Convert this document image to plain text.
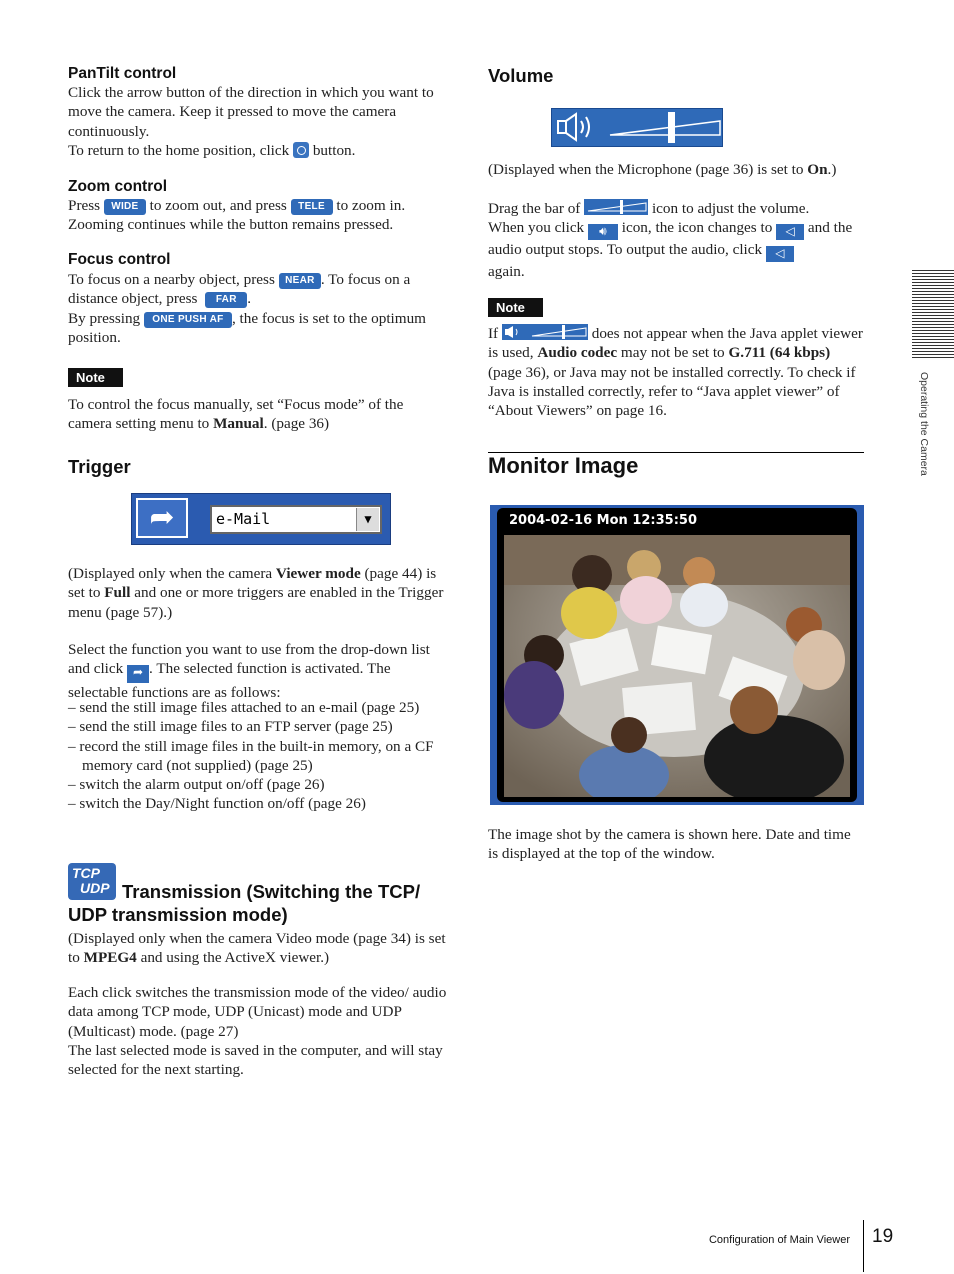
PanTilt control

Click the arrow button of the direction in which you want to move the camera. Keep it pressed to move the camera continuously.
To return to the home position, click button.

Zoom control

Press WIDE to zoom out, and press TELE to zoom in. Zooming continues while the button remains pressed.

Focus control

To focus on a nearby object, press NEAR . To focus on a distance object, press FAR .
By pressing ONE PUSH AF , the focus is set to the optimum position.

Note

To control the focus manually, set “Focus mode” of the camera setting menu to Manual. (page 36)

Trigger

➦	e-Mail	▼

(Displayed only when the camera Viewer mode (page 44) is set to Full and one or more triggers are enabled in the Trigger menu (page 57).)

Select the function you want to use from the drop-down list and click ➦ . The selected function is activated. The selectable functions are as follows:

– send the still image files attached to an e-mail (page 25)

– send the still image files to an FTP server (page 25)

– record the still image files in the built-in memory, on a CF memory card (not supplied) (page 25)

– switch the alarm output on/off (page 26)

– switch the Day/Night function on/off (page 26)

TCP
UDP Transmission (Switching the TCP/ UDP transmission mode)

(Displayed only when the camera Video mode (page 34) is set to MPEG4 and using the ActiveX viewer.)

Each click switches the transmission mode of the video/ audio data among TCP mode, UDP (Unicast) mode and UDP (Multicast) mode. (page 27)

The last selected mode is saved in the computer, and will stay selected for the next starting.

Volume

(Displayed when the Microphone (page 36) is set to On.)

Drag the bar of	icon to adjust the volume.
When you click 🔊︎ icon, the icon changes to ◁ and the audio output stops. To output the audio, click ◁
again.

Note

If	does not appear when the Java applet viewer is used, Audio codec may not be set to G.711 (64 kbps) (page 36), or Java may not be installed correctly. To check if Java is installed correctly, refer to “Java applet viewer” of “About Viewers” on page 16.

Monitor Image

2004-02-16 Mon 12:35:50

The image shot by the camera is shown here. Date and time is displayed at the top of the window.

Operating the Camera
Configuration of Main Viewer 19
